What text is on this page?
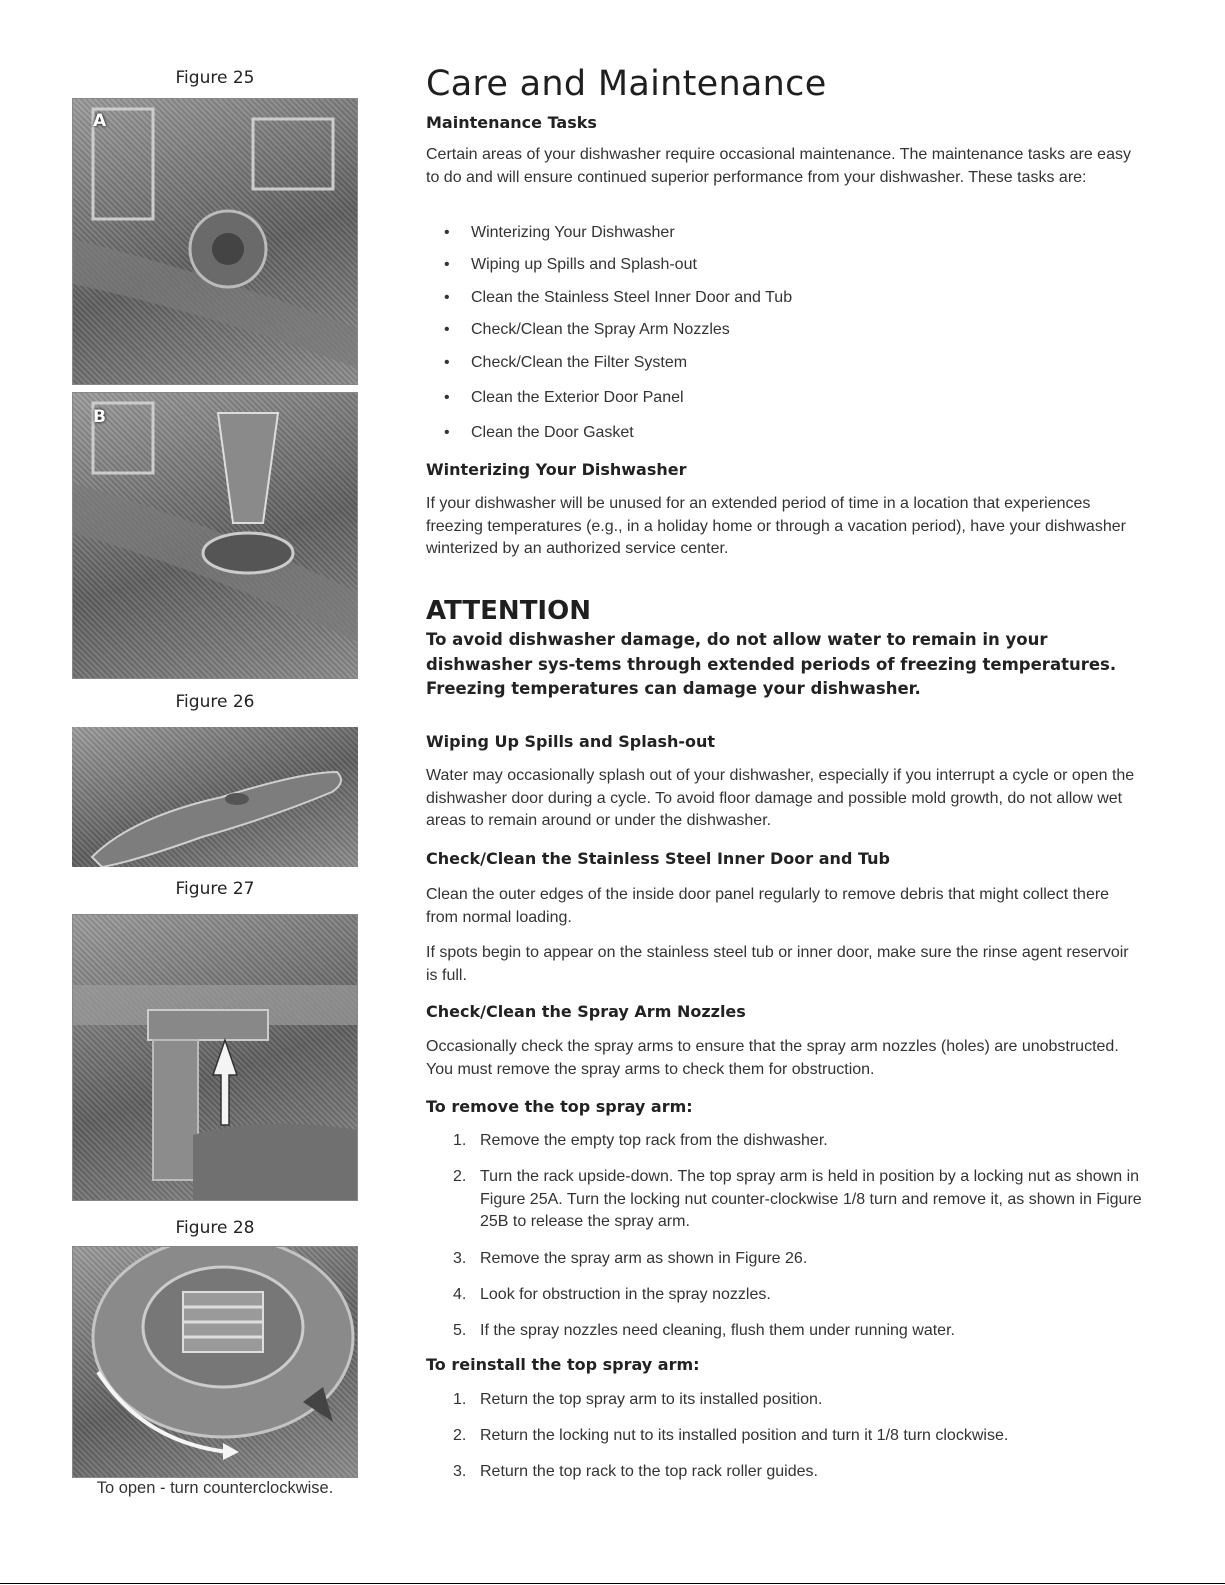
Figure 25
A
B
Figure 26
Figure 27
Figure 28
To open - turn counterclockwise.
Care and Maintenance
Maintenance Tasks

Certain areas of your dishwasher require occasional maintenance. The maintenance tasks are easy to do and will ensure continued superior performance from your dishwasher. These tasks are:

• Winterizing Your Dishwasher
• Wiping up Spills and Splash-out
• Clean the Stainless Steel Inner Door and Tub
• Check/Clean the Spray Arm Nozzles
• Check/Clean the Filter System
• Clean the Exterior Door Panel
• Clean the Door Gasket
Winterizing Your Dishwasher

If your dishwasher will be unused for an extended period of time in a location that experiences freezing temperatures (e.g., in a holiday home or through a vacation period), have your dishwasher winterized by an authorized service center.

ATTENTION

To avoid dishwasher damage, do not allow water to remain in your dishwasher sys-tems through extended periods of freezing temperatures. Freezing temperatures can damage your dishwasher.

Wiping Up Spills and Splash-out

Water may occasionally splash out of your dishwasher, especially if you interrupt a cycle or open the dishwasher door during a cycle. To avoid floor damage and possible mold growth, do not allow wet areas to remain around or under the dishwasher.

Check/Clean the Stainless Steel Inner Door and Tub

Clean the outer edges of the inside door panel regularly to remove debris that might collect there from normal loading.

If spots begin to appear on the stainless steel tub or inner door, make sure the rinse agent reservoir is full.

Check/Clean the Spray Arm Nozzles

Occasionally check the spray arms to ensure that the spray arm nozzles (holes) are unobstructed. You must remove the spray arms to check them for obstruction.

To remove the top spray arm:
1. Remove the empty top rack from the dishwasher.
2. Turn the rack upside-down. The top spray arm is held in position by a locking nut as shown in Figure 25A. Turn the locking nut counter-clockwise 1/8 turn and remove it, as shown in Figure 25B to release the spray arm.
3. Remove the spray arm as shown in Figure 26.
4. Look for obstruction in the spray nozzles.
5. If the spray nozzles need cleaning, flush them under running water.
To reinstall the top spray arm:
1. Return the top spray arm to its installed position.
2. Return the locking nut to its installed position and turn it 1/8 turn clockwise.
3. Return the top rack to the top rack roller guides.
